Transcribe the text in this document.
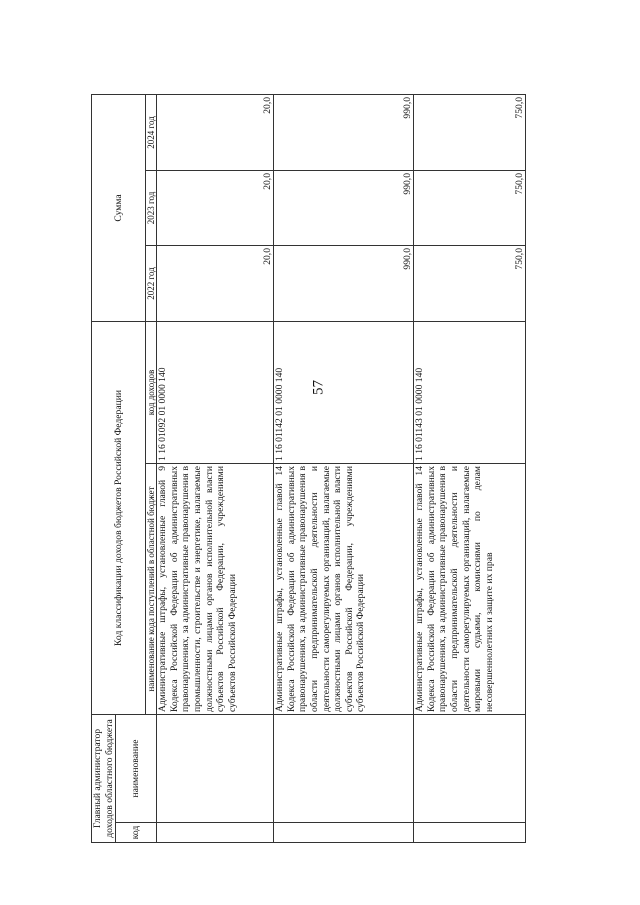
57
Главный администратор доходов областного бюджета		Код классификации доходов бюджетов Российской Федерации		Сумма		
код	наименование					
		наименование кода поступлений в областной бюджет	код доходов	2022 год	2023 год	2024 год
		Административные штрафы, установленные главой 9 Кодекса Российской Федерации об административных правонарушениях, за административные правонарушения в промышленности, строительстве и энергетике, налагаемые должностными лицами органов исполнительной власти субъектов Российской Федерации, учреждениями субъектов Российской Федерации	1 16 01092 01 0000 140	20,0	20,0	20,0
		Административные штрафы, установленные главой 14 Кодекса Российской Федерации об административных правонарушениях, за административные правонарушения в области предпринимательской деятельности и деятельности саморегулируемых организаций, налагаемые должностными лицами органов исполнительной власти субъектов Российской Федерации, учреждениями субъектов Российской Федерации	1 16 01142 01 0000 140	990,0	990,0	990,0
		Административные штрафы, установленные главой 14 Кодекса Российской Федерации об административных правонарушениях, за административные правонарушения в области предпринимательской деятельности и деятельности саморегулируемых организаций, налагаемые мировыми судьями, комиссиями по делам несовершеннолетних и защите их прав	1 16 01143 01 0000 140	750,0	750,0	750,0
